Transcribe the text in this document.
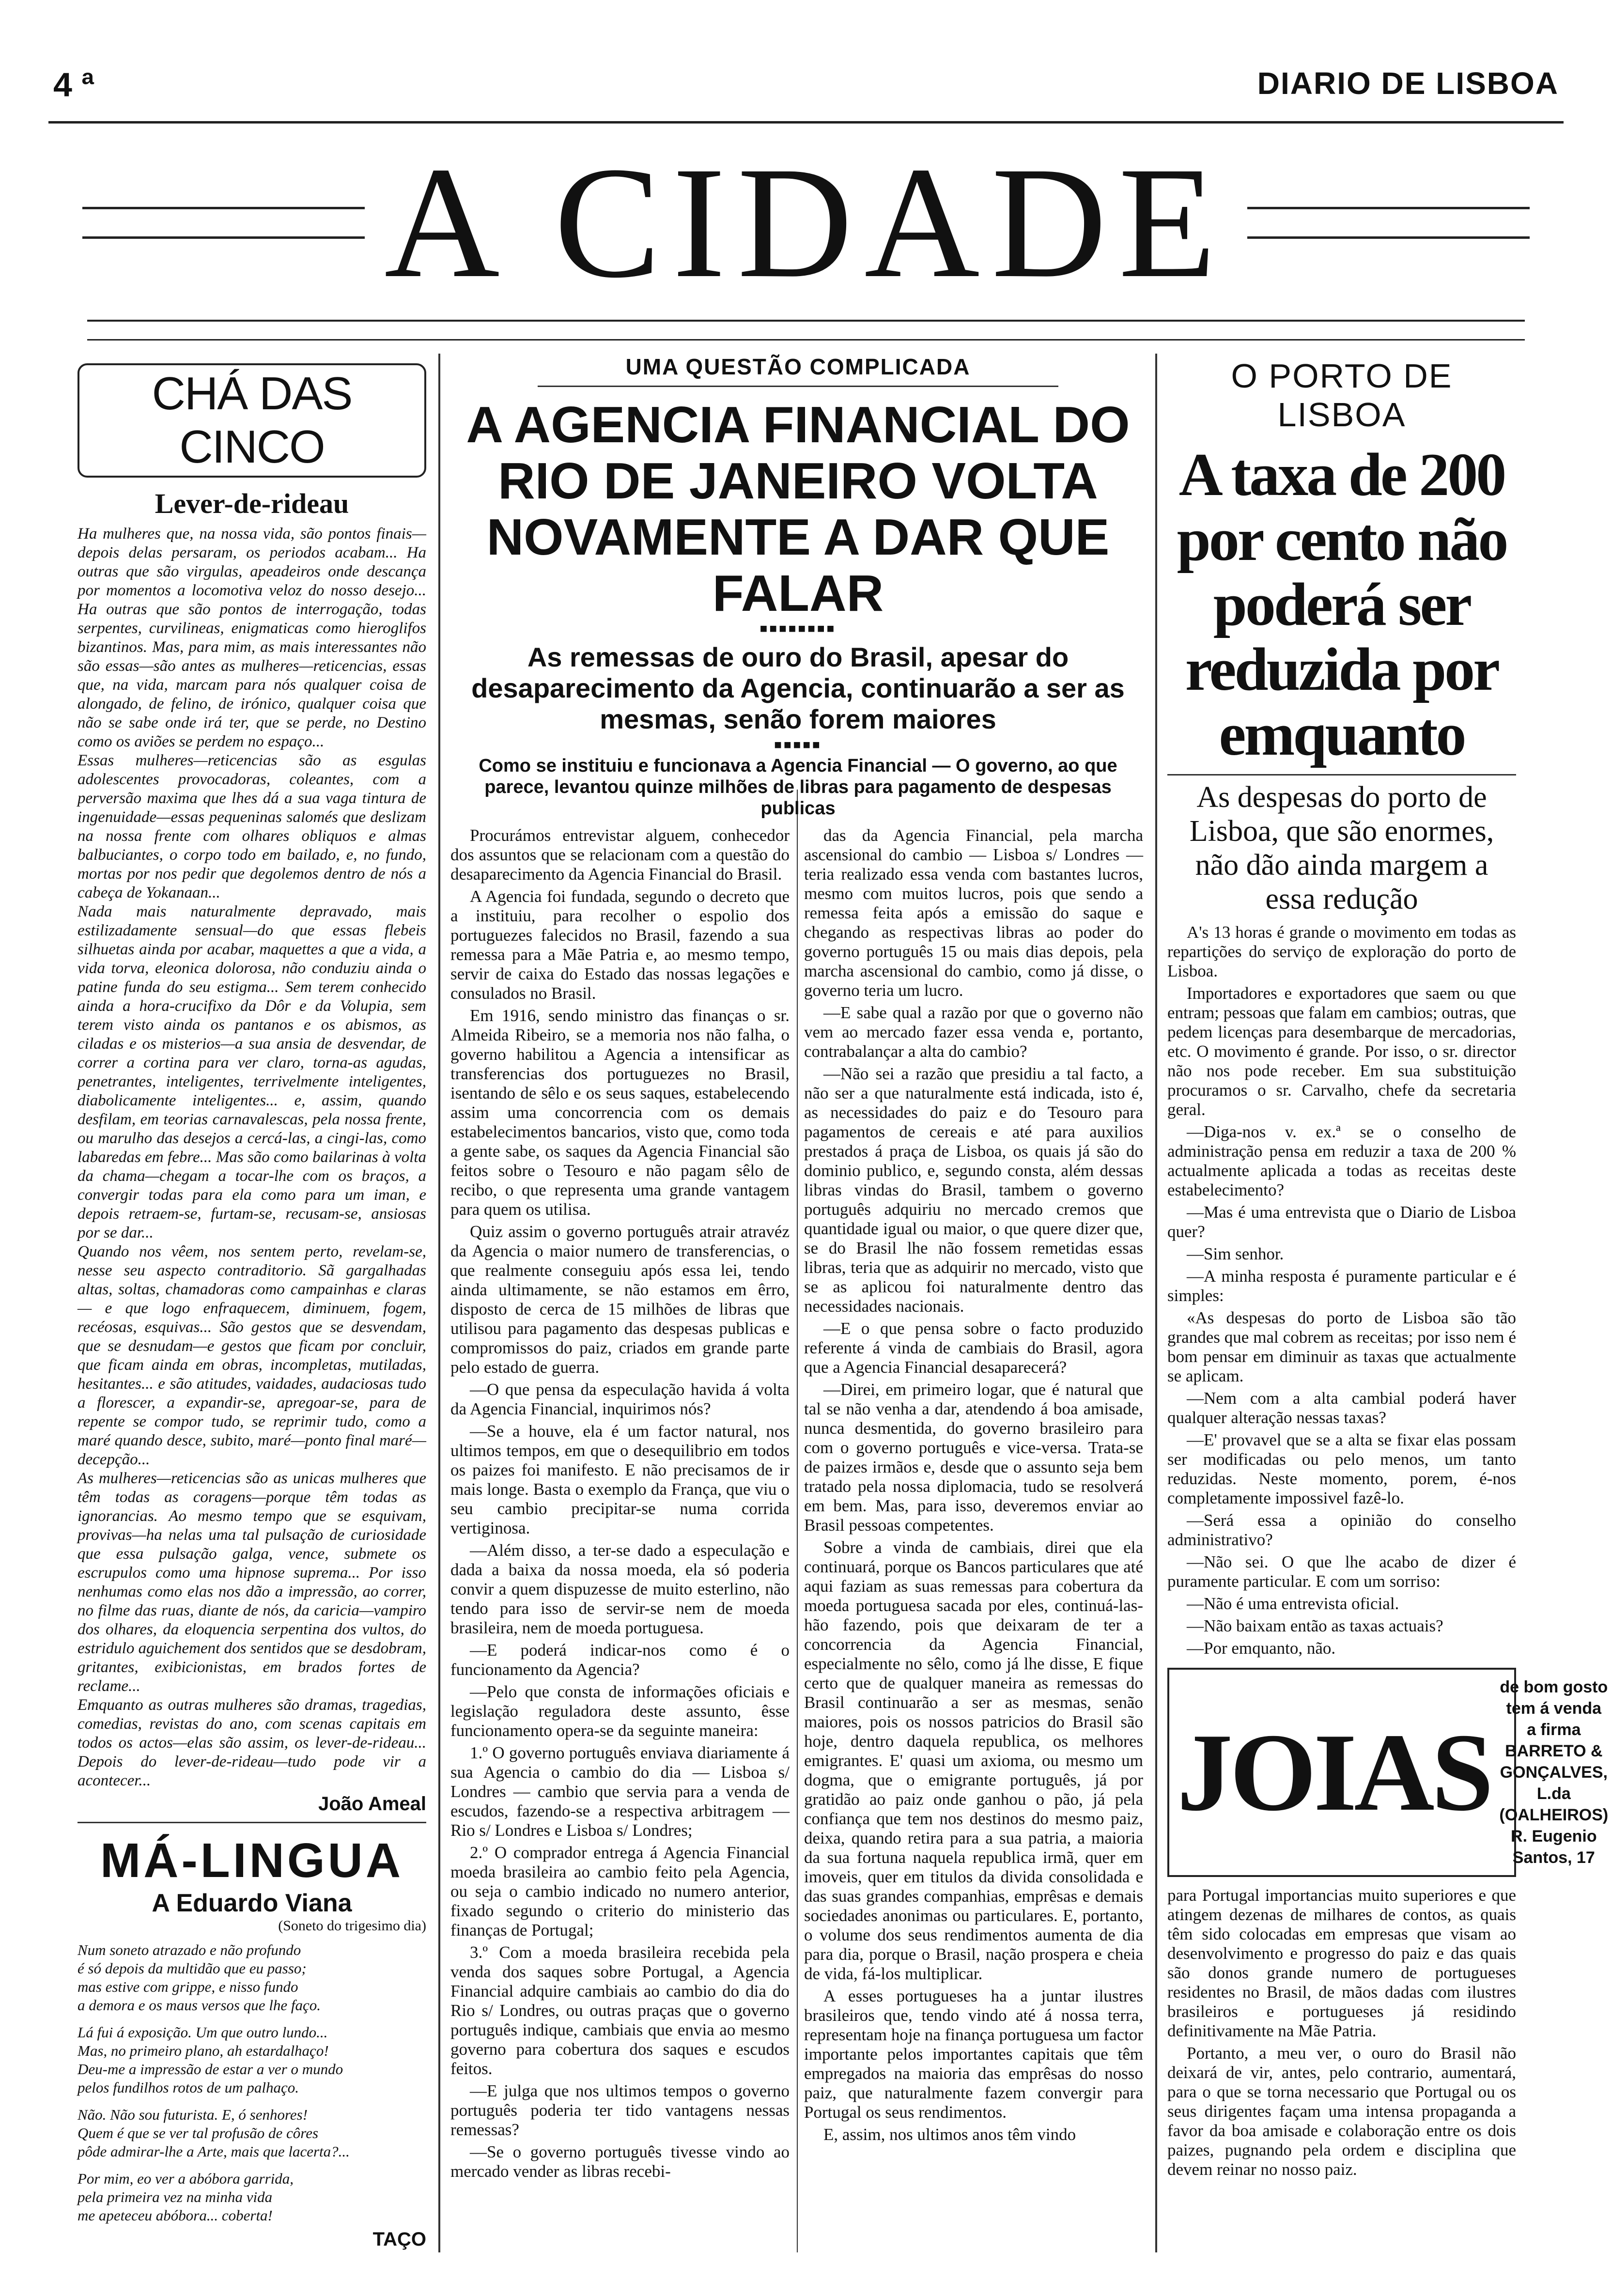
4 ª	DIARIO DE LISBOA
A CIDADE
CHÁ DAS CINCO
Lever-de-rideau

Ha mulheres que, na nossa vida, são pontos finais—depois delas persaram, os periodos acabam... Ha outras que são virgulas, apeadeiros onde descança por momentos a locomotiva veloz do nosso desejo... Ha outras que são pontos de interrogação, todas serpentes, curvilineas, enigmaticas como hieroglifos bizantinos. Mas, para mim, as mais interessantes não são essas—são antes as mulheres—reticencias, essas que, na vida, marcam para nós qualquer coisa de alongado, de felino, de irónico, qualquer coisa que não se sabe onde irá ter, que se perde, no Destino como os aviões se perdem no espaço...

Essas mulheres—reticencias são as esgulas adolescentes provocadoras, coleantes, com a perversão maxima que lhes dá a sua vaga tintura de ingenuidade—essas pequeninas salomés que deslizam na nossa frente com olhares obliquos e almas balbuciantes, o corpo todo em bailado, e, no fundo, mortas por nos pedir que degolemos dentro de nós a cabeça de Yokanaan...

Nada mais naturalmente depravado, mais estilizadamente sensual—do que essas flebeis silhuetas ainda por acabar, maquettes a que a vida, a vida torva, eleonica dolorosa, não conduziu ainda o patine funda do seu estigma... Sem terem conhecido ainda a hora-crucifixo da Dôr e da Volupia, sem terem visto ainda os pantanos e os abismos, as ciladas e os misterios—a sua ansia de desvendar, de correr a cortina para ver claro, torna-as agudas, penetrantes, inteligentes, terrivelmente inteligentes, diabolicamente inteligentes... e, assim, quando desfilam, em teorias carnavalescas, pela nossa frente, ou marulho das desejos a cercá-las, a cingi-las, como labaredas em febre... Mas são como bailarinas à volta da chama—chegam a tocar-lhe com os braços, a convergir todas para ela como para um iman, e depois retraem-se, furtam-se, recusam-se, ansiosas por se dar...

Quando nos vêem, nos sentem perto, revelam-se, nesse seu aspecto contraditorio. Sã gargalhadas altas, soltas, chamadoras como campainhas e claras — e que logo enfraquecem, diminuem, fogem, recéosas, esquivas... São gestos que se desvendam, que se desnudam—e gestos que ficam por concluir, que ficam ainda em obras, incompletas, mutiladas, hesitantes... e são atitudes, vaidades, audaciosas tudo a florescer, a expandir-se, apregoar-se, para de repente se compor tudo, se reprimir tudo, como a maré quando desce, subito, maré—ponto final maré—decepção...

As mulheres—reticencias são as unicas mulheres que têm todas as coragens—porque têm todas as ignorancias. Ao mesmo tempo que se esquivam, provivas—ha nelas uma tal pulsação de curiosidade que essa pulsação galga, vence, submete os escrupulos como uma hipnose suprema... Por isso nenhumas como elas nos dão a impressão, ao correr, no filme das ruas, diante de nós, da caricia—vampiro dos olhares, da eloquencia serpentina dos vultos, do estridulo aguichement dos sentidos que se desdobram, gritantes, exibicionistas, em brados fortes de reclame...

Emquanto as outras mulheres são dramas, tragedias, comedias, revistas do ano, com scenas capitais em todos os actos—elas são assim, os lever-de-rideau... Depois do lever-de-rideau—tudo pode vir a acontecer...

João Ameal
MÁ-LINGUA
A Eduardo Viana
(Soneto do trigesimo dia)
Num soneto atrazado e não profundo
é só depois da multidão que eu passo;
mas estive com grippe, e nisso fundo
a demora e os maus versos que lhe faço.
Lá fui á exposição. Um que outro lundo...
Mas, no primeiro plano, ah estardalhaço!
Deu-me a impressão de estar a ver o mundo
pelos fundilhos rotos de um palhaço.
Não. Não sou futurista. E, ó senhores!
Quem é que se ver tal profusão de côres
pôde admirar-lhe a Arte, mais que lacerta?...
Por mim, eo ver a abóbora garrida,
pela primeira vez na minha vida
me apeteceu abóbora... coberta!
TAÇO
UMA QUESTÃO COMPLICADA
A AGENCIA FINANCIAL DO RIO DE JANEIRO VOLTA NOVAMENTE A DAR QUE FALAR
■■■■■■■■
As remessas de ouro do Brasil, apesar do desaparecimento da Agencia, continuarão a ser as mesmas, senão forem maiores
■■■■■
Como se instituiu e funcionava a Agencia Financial — O governo, ao que parece, levantou quinze milhões de libras para pagamento de despesas publicas

Procurámos entrevistar alguem, conhecedor dos assuntos que se relacionam com a questão do desaparecimento da Agencia Financial do Brasil.

A Agencia foi fundada, segundo o decreto que a instituiu, para recolher o espolio dos portuguezes falecidos no Brasil, fazendo a sua remessa para a Mãe Patria e, ao mesmo tempo, servir de caixa do Estado das nossas legações e consulados no Brasil.

Em 1916, sendo ministro das finanças o sr. Almeida Ribeiro, se a memoria nos não falha, o governo habilitou a Agencia a intensificar as transferencias dos portuguezes no Brasil, isentando de sêlo e os seus saques, estabelecendo assim uma concorrencia com os demais estabelecimentos bancarios, visto que, como toda a gente sabe, os saques da Agencia Financial são feitos sobre o Tesouro e não pagam sêlo de recibo, o que representa uma grande vantagem para quem os utilisa.

Quiz assim o governo português atrair atravéz da Agencia o maior numero de transferencias, o que realmente conseguiu após essa lei, tendo ainda ultimamente, se não estamos em êrro, disposto de cerca de 15 milhões de libras que utilisou para pagamento das despesas publicas e compromissos do paiz, criados em grande parte pelo estado de guerra.

—O que pensa da especulação havida á volta da Agencia Financial, inquirimos nós?

—Se a houve, ela é um factor natural, nos ultimos tempos, em que o desequilibrio em todos os paizes foi manifesto. E não precisamos de ir mais longe. Basta o exemplo da França, que viu o seu cambio precipitar-se numa corrida vertiginosa.

—Além disso, a ter-se dado a especulação e dada a baixa da nossa moeda, ela só poderia convir a quem dispuzesse de muito esterlino, não tendo para isso de servir-se nem de moeda brasileira, nem de moeda portuguesa.

—E poderá indicar-nos como é o funcionamento da Agencia?

—Pelo que consta de informações oficiais e legislação reguladora deste assunto, êsse funcionamento opera-se da seguinte maneira:

1.º O governo português enviava diariamente á sua Agencia o cambio do dia — Lisboa s/ Londres — cambio que servia para a venda de escudos, fazendo-se a respectiva arbitragem — Rio s/ Londres e Lisboa s/ Londres;

2.º O comprador entrega á Agencia Financial moeda brasileira ao cambio feito pela Agencia, ou seja o cambio indicado no numero anterior, fixado segundo o criterio do ministerio das finanças de Portugal;

3.º Com a moeda brasileira recebida pela venda dos saques sobre Portugal, a Agencia Financial adquire cambiais ao cambio do dia do Rio s/ Londres, ou outras praças que o governo português indique, cambiais que envia ao mesmo governo para cobertura dos saques e escudos feitos.

—E julga que nos ultimos tempos o governo português poderia ter tido vantagens nessas remessas?

—Se o governo português tivesse vindo ao mercado vender as libras recebi-

das da Agencia Financial, pela marcha ascensional do cambio — Lisboa s/ Londres — teria realizado essa venda com bastantes lucros, mesmo com muitos lucros, pois que sendo a remessa feita após a emissão do saque e chegando as respectivas libras ao poder do governo português 15 ou mais dias depois, pela marcha ascensional do cambio, como já disse, o governo teria um lucro.

—E sabe qual a razão por que o governo não vem ao mercado fazer essa venda e, portanto, contrabalançar a alta do cambio?

—Não sei a razão que presidiu a tal facto, a não ser a que naturalmente está indicada, isto é, as necessidades do paiz e do Tesouro para pagamentos de cereais e até para auxilios prestados á praça de Lisboa, os quais já são do dominio publico, e, segundo consta, além dessas libras vindas do Brasil, tambem o governo português adquiriu no mercado cremos que quantidade igual ou maior, o que quere dizer que, se do Brasil lhe não fossem remetidas essas libras, teria que as adquirir no mercado, visto que se as aplicou foi naturalmente dentro das necessidades nacionais.

—E o que pensa sobre o facto produzido referente á vinda de cambiais do Brasil, agora que a Agencia Financial desaparecerá?

—Direi, em primeiro logar, que é natural que tal se não venha a dar, atendendo á boa amisade, nunca desmentida, do governo brasileiro para com o governo português e vice-versa. Trata-se de paizes irmãos e, desde que o assunto seja bem tratado pela nossa diplomacia, tudo se resolverá em bem. Mas, para isso, deveremos enviar ao Brasil pessoas competentes.

Sobre a vinda de cambiais, direi que ela continuará, porque os Bancos particulares que até aqui faziam as suas remessas para cobertura da moeda portuguesa sacada por eles, continuá-las-hão fazendo, pois que deixaram de ter a concorrencia da Agencia Financial, especialmente no sêlo, como já lhe disse, E fique certo que de qualquer maneira as remessas do Brasil continuarão a ser as mesmas, senão maiores, pois os nossos patricios do Brasil são hoje, dentro daquela republica, os melhores emigrantes. E' quasi um axioma, ou mesmo um dogma, que o emigrante português, já por gratidão ao paiz onde ganhou o pão, já pela confiança que tem nos destinos do mesmo paiz, deixa, quando retira para a sua patria, a maioria da sua fortuna naquela republica irmã, quer em imoveis, quer em titulos da divida consolidada e das suas grandes companhias, emprêsas e demais sociedades anonimas ou particulares. E, portanto, o volume dos seus rendimentos aumenta de dia para dia, porque o Brasil, nação prospera e cheia de vida, fá-los multiplicar.

A esses portugueses ha a juntar ilustres brasileiros que, tendo vindo até á nossa terra, representam hoje na finança portuguesa um factor importante pelos importantes capitais que têm empregados na maioria das emprêsas do nosso paiz, que naturalmente fazem convergir para Portugal os seus rendimentos.

E, assim, nos ultimos anos têm vindo

O PORTO DE LISBOA
A taxa de 200 por cento não poderá ser reduzida por emquanto
As despesas do porto de Lisboa, que são enormes, não dão ainda margem a essa redução

A's 13 horas é grande o movimento em todas as repartições do serviço de exploração do porto de Lisboa.

Importadores e exportadores que saem ou que entram; pessoas que falam em cambios; outras, que pedem licenças para desembarque de mercadorias, etc. O movimento é grande. Por isso, o sr. director não nos pode receber. Em sua substituição procuramos o sr. Carvalho, chefe da secretaria geral.

—Diga-nos v. ex.ª se o conselho de administração pensa em reduzir a taxa de 200 % actualmente aplicada a todas as receitas deste estabelecimento?

—Mas é uma entrevista que o Diario de Lisboa quer?

—Sim senhor.

—A minha resposta é puramente particular e é simples:

«As despesas do porto de Lisboa são tão grandes que mal cobrem as receitas; por isso nem é bom pensar em diminuir as taxas que actualmente se aplicam.

—Nem com a alta cambial poderá haver qualquer alteração nessas taxas?

—E' provavel que se a alta se fixar elas possam ser modificadas ou pelo menos, um tanto reduzidas. Neste momento, porem, é-nos completamente impossivel fazê-lo.

—Será essa a opinião do conselho administrativo?

—Não sei. O que lhe acabo de dizer é puramente particular. E com um sorriso:

—Não é uma entrevista oficial.

—Não baixam então as taxas actuais?

—Por emquanto, não.

JOIAS
de bom gosto tem á venda
a firma
BARRETO & GONÇALVES, L.da
(OALHEIROS)
R. Eugenio Santos, 17

para Portugal importancias muito superiores e que atingem dezenas de milhares de contos, as quais têm sido colocadas em empresas que visam ao desenvolvimento e progresso do paiz e das quais são donos grande numero de portugueses residentes no Brasil, de mãos dadas com ilustres brasileiros e portugueses já residindo definitivamente na Mãe Patria.

Portanto, a meu ver, o ouro do Brasil não deixará de vir, antes, pelo contrario, aumentará, para o que se torna necessario que Portugal ou os seus dirigentes façam uma intensa propaganda a favor da boa amisade e colaboração entre os dois paizes, pugnando pela ordem e disciplina que devem reinar no nosso paiz.
